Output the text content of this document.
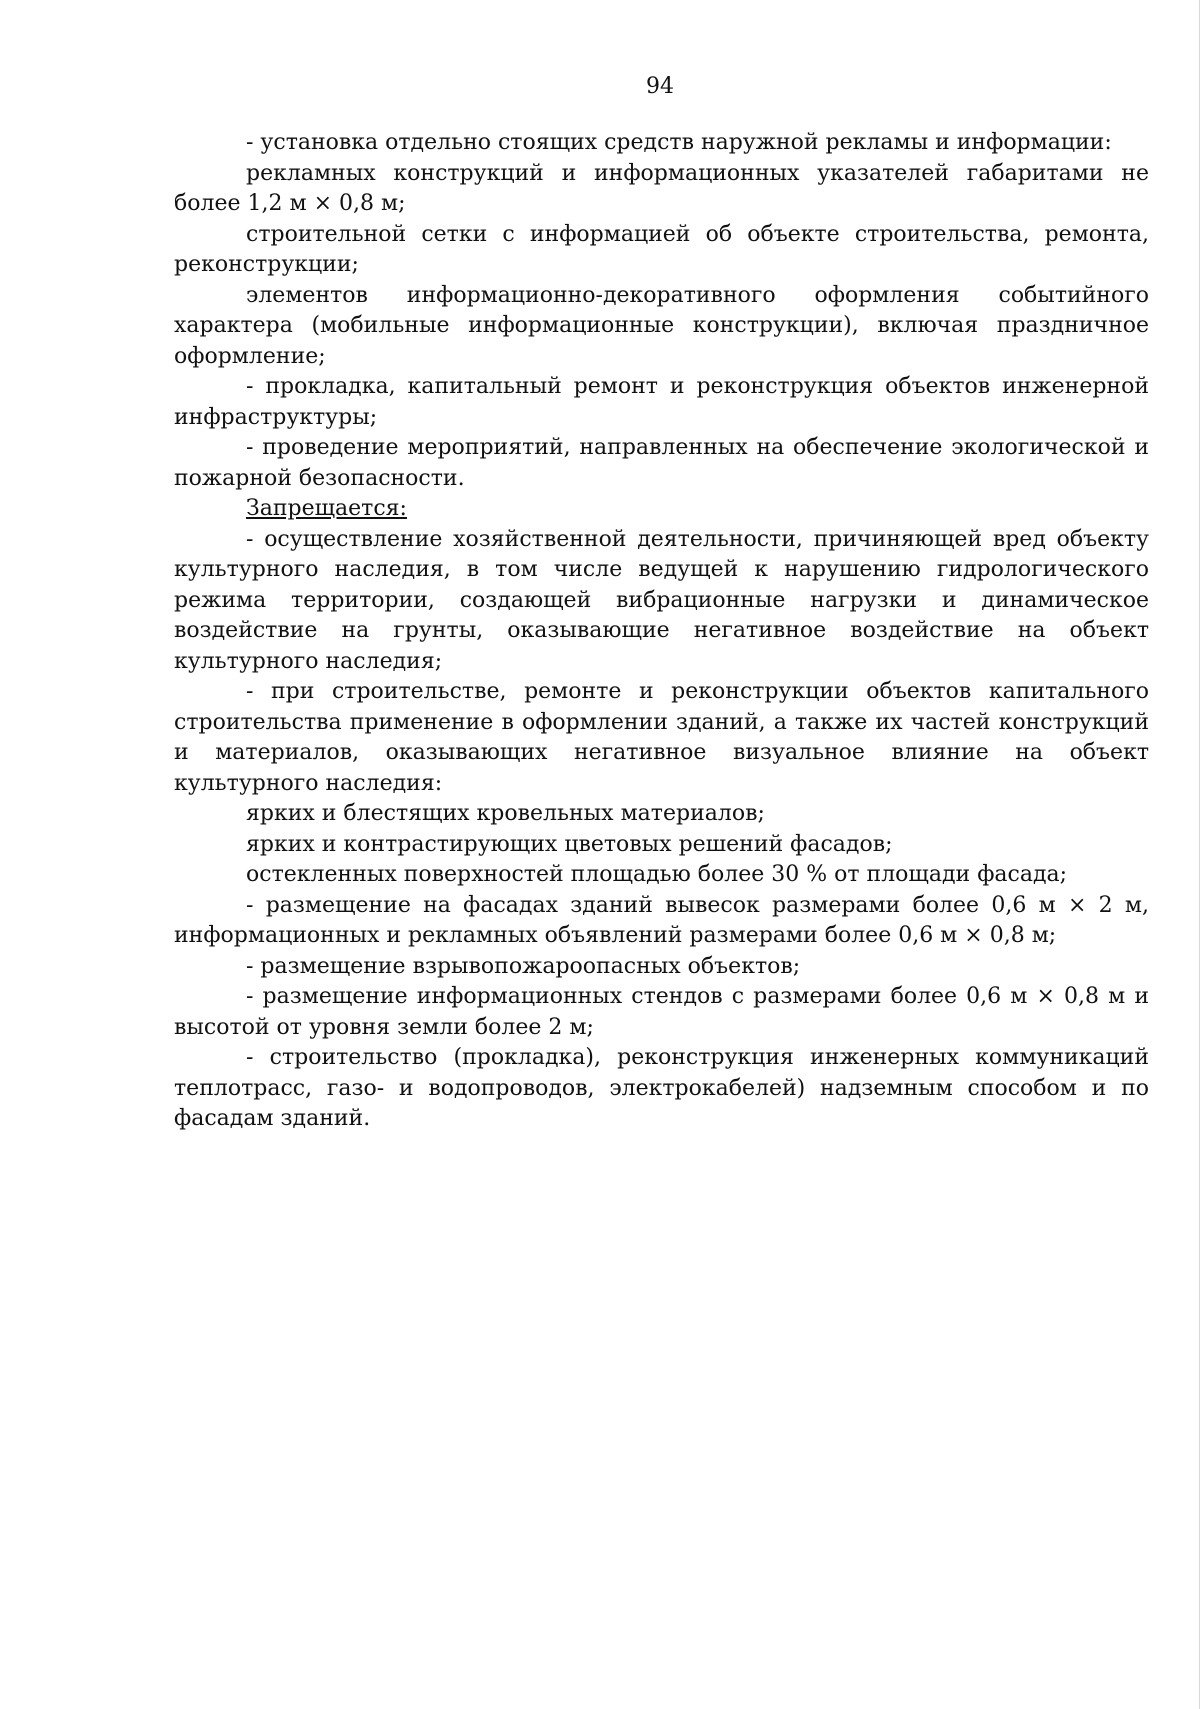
94

- установка отдельно стоящих средств наружной рекламы и информации:

рекламных конструкций и информационных указателей габаритами не более 1,2 м × 0,8 м;

строительной сетки с информацией об объекте строительства, ремонта, реконструкции;

элементов информационно-декоративного оформления событийного характера (мобильные информационные конструкции), включая праздничное оформление;

- прокладка, капитальный ремонт и реконструкция объектов инженерной инфраструктуры;

- проведение мероприятий, направленных на обеспечение экологической и пожарной безопасности.

Запрещается:

- осуществление хозяйственной деятельности, причиняющей вред объекту культурного наследия, в том числе ведущей к нарушению гидрологического режима территории, создающей вибрационные нагрузки и динамическое воздействие на грунты, оказывающие негативное воздействие на объект культурного наследия;

- при строительстве, ремонте и реконструкции объектов капитального строительства применение в оформлении зданий, а также их частей конструкций и материалов, оказывающих негативное визуальное влияние на объект культурного наследия:

ярких и блестящих кровельных материалов;

ярких и контрастирующих цветовых решений фасадов;

остекленных поверхностей площадью более 30 % от площади фасада;

- размещение на фасадах зданий вывесок размерами более 0,6 м × 2 м, информационных и рекламных объявлений размерами более 0,6 м × 0,8 м;

- размещение взрывопожароопасных объектов;

- размещение информационных стендов с размерами более 0,6 м × 0,8 м и высотой от уровня земли более 2 м;

- строительство (прокладка), реконструкция инженерных коммуникаций теплотрасс, газо- и водопроводов, электрокабелей) надземным способом и по фасадам зданий.
